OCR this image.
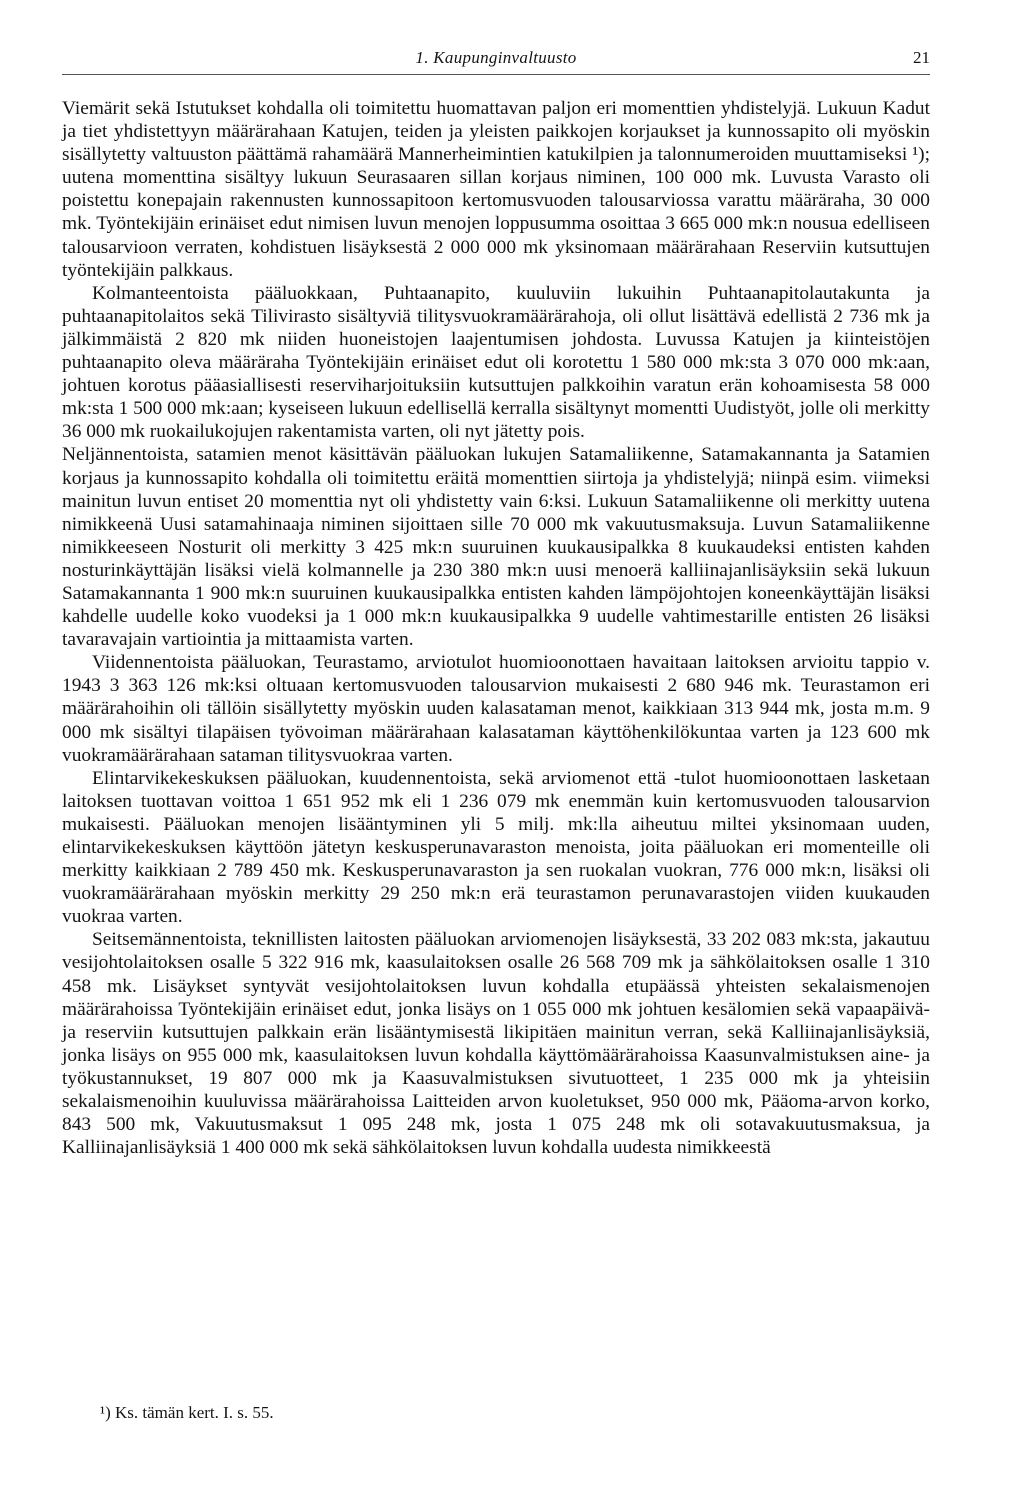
1. Kaupunginvaltuusto	21

Viemärit sekä Istutukset kohdalla oli toimitettu huomattavan paljon eri momenttien yhdistelyjä. Lukuun Kadut ja tiet yhdistettyyn määrärahaan Katujen, teiden ja yleisten paikkojen korjaukset ja kunnossapito oli myöskin sisällytetty valtuuston päättämä rahamäärä Mannerheimintien katukilpien ja talonnumeroiden muuttamiseksi ¹); uutena momenttina sisältyy lukuun Seurasaaren sillan korjaus niminen, 100 000 mk. Luvusta Varasto oli poistettu konepajain rakennusten kunnossapitoon kertomusvuoden talousarviossa varattu määräraha, 30 000 mk. Työntekijäin erinäiset edut nimisen luvun menojen loppusumma osoittaa 3 665 000 mk:n nousua edelliseen talousarvioon verraten, kohdistuen lisäyksestä 2 000 000 mk yksinomaan määrärahaan Reserviin kutsuttujen työntekijäin palkkaus.

Kolmanteentoista pääluokkaan, Puhtaanapito, kuuluviin lukuihin Puhtaanapitolautakunta ja puhtaanapitolaitos sekä Tilivirasto sisältyviä tilitysvuokramäärärahoja, oli ollut lisättävä edellistä 2 736 mk ja jälkimmäistä 2 820 mk niiden huoneistojen laajentumisen johdosta. Luvussa Katujen ja kiinteistöjen puhtaanapito oleva määräraha Työntekijäin erinäiset edut oli korotettu 1 580 000 mk:sta 3 070 000 mk:aan, johtuen korotus pääasiallisesti reserviharjoituksiin kutsuttujen palkkoihin varatun erän kohoamisesta 58 000 mk:sta 1 500 000 mk:aan; kyseiseen lukuun edellisellä kerralla sisältynyt momentti Uudistyöt, jolle oli merkitty 36 000 mk ruokailukojujen rakentamista varten, oli nyt jätetty pois.

Neljännentoista, satamien menot käsittävän pääluokan lukujen Satamaliikenne, Satamakannanta ja Satamien korjaus ja kunnossapito kohdalla oli toimitettu eräitä momenttien siirtoja ja yhdistelyjä; niinpä esim. viimeksi mainitun luvun entiset 20 momenttia nyt oli yhdistetty vain 6:ksi. Lukuun Satamaliikenne oli merkitty uutena nimikkeenä Uusi satamahinaaja niminen sijoittaen sille 70 000 mk vakuutusmaksuja. Luvun Satamaliikenne nimikkeeseen Nosturit oli merkitty 3 425 mk:n suuruinen kuukausipalkka 8 kuukaudeksi entisten kahden nosturinkäyttäjän lisäksi vielä kolmannelle ja 230 380 mk:n uusi menoerä kalliinajanlisäyksiin sekä lukuun Satamakannanta 1 900 mk:n suuruinen kuukausipalkka entisten kahden lämpöjohtojen koneenkäyttäjän lisäksi kahdelle uudelle koko vuodeksi ja 1 000 mk:n kuukausipalkka 9 uudelle vahtimestarille entisten 26 lisäksi tavaravajain vartiointia ja mittaamista varten.

Viidennentoista pääluokan, Teurastamo, arviotulot huomioonottaen havaitaan laitoksen arvioitu tappio v. 1943 3 363 126 mk:ksi oltuaan kertomusvuoden talousarvion mukaisesti 2 680 946 mk. Teurastamon eri määrärahoihin oli tällöin sisällytetty myöskin uuden kalasataman menot, kaikkiaan 313 944 mk, josta m.m. 9 000 mk sisältyi tilapäisen työvoiman määrärahaan kalasataman käyttöhenkilökuntaa varten ja 123 600 mk vuokramäärärahaan sataman tilitysvuokraa varten.

Elintarvikekeskuksen pääluokan, kuudennentoista, sekä arviomenot että -tulot huomioonottaen lasketaan laitoksen tuottavan voittoa 1 651 952 mk eli 1 236 079 mk enemmän kuin kertomusvuoden talousarvion mukaisesti. Pääluokan menojen lisääntyminen yli 5 milj. mk:lla aiheutuu miltei yksinomaan uuden, elintarvikekeskuksen käyttöön jätetyn keskusperunavaraston menoista, joita pääluokan eri momenteille oli merkitty kaikkiaan 2 789 450 mk. Keskusperunavaraston ja sen ruokalan vuokran, 776 000 mk:n, lisäksi oli vuokramäärärahaan myöskin merkitty 29 250 mk:n erä teurastamon perunavarastojen viiden kuukauden vuokraa varten.

Seitsemännentoista, teknillisten laitosten pääluokan arviomenojen lisäyksestä, 33 202 083 mk:sta, jakautuu vesijohtolaitoksen osalle 5 322 916 mk, kaasulaitoksen osalle 26 568 709 mk ja sähkölaitoksen osalle 1 310 458 mk. Lisäykset syntyvät vesijohtolaitoksen luvun kohdalla etupäässä yhteisten sekalaismenojen määrärahoissa Työntekijäin erinäiset edut, jonka lisäys on 1 055 000 mk johtuen kesälomien sekä vapaapäivä- ja reserviin kutsuttujen palkkain erän lisääntymisestä likipitäen mainitun verran, sekä Kalliinajanlisäyksiä, jonka lisäys on 955 000 mk, kaasulaitoksen luvun kohdalla käyttömäärärahoissa Kaasunvalmistuksen aine- ja työkustannukset, 19 807 000 mk ja Kaasuvalmistuksen sivutuotteet, 1 235 000 mk ja yhteisiin sekalaismenoihin kuuluvissa määrärahoissa Laitteiden arvon kuoletukset, 950 000 mk, Pääoma-arvon korko, 843 500 mk, Vakuutusmaksut 1 095 248 mk, josta 1 075 248 mk oli sotavakuutusmaksua, ja Kalliinajanlisäyksiä 1 400 000 mk sekä sähkölaitoksen luvun kohdalla uudesta nimikkeestä

¹) Ks. tämän kert. I. s. 55.
